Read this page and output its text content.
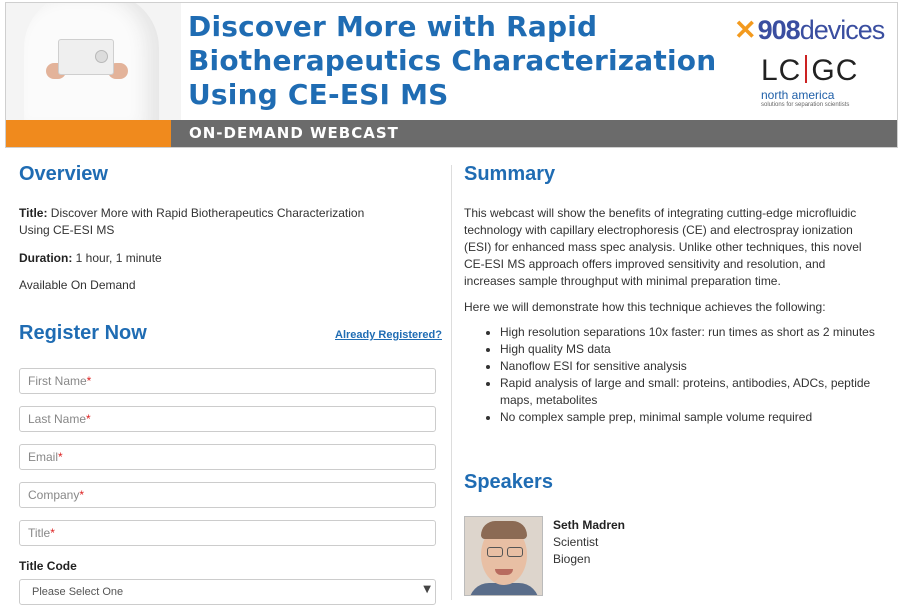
Discover More with Rapid
Biotherapeutics Characterization
Using CE-ESI MS
✕908devices
LC GC
north america
solutions for separation scientists
ON-DEMAND WEBCAST
Overview
Title: Discover More with Rapid Biotherapeutics Characterization
Using CE-ESI MS
Duration: 1 hour, 1 minute
Available On Demand
Register Now	Already Registered?
First Name*
Last Name*
Email*
Company*
Title*
Title Code
Please Select One	▼
Summary
This webcast will show the benefits of integrating cutting-edge microfluidic
technology with capillary electrophoresis (CE) and electrospray ionization
(ESI) for enhanced mass spec analysis. Unlike other techniques, this novel
CE-ESI MS approach offers improved sensitivity and resolution, and
increases sample throughput with minimal preparation time.
Here we will demonstrate how this technique achieves the following:
• High resolution separations 10x faster: run times as short as 2 minutes
• High quality MS data
• Nanoflow ESI for sensitive analysis
• Rapid analysis of large and small: proteins, antibodies, ADCs, peptide maps, metabolites
• No complex sample prep, minimal sample volume required
Speakers
Seth Madren
Scientist
Biogen
